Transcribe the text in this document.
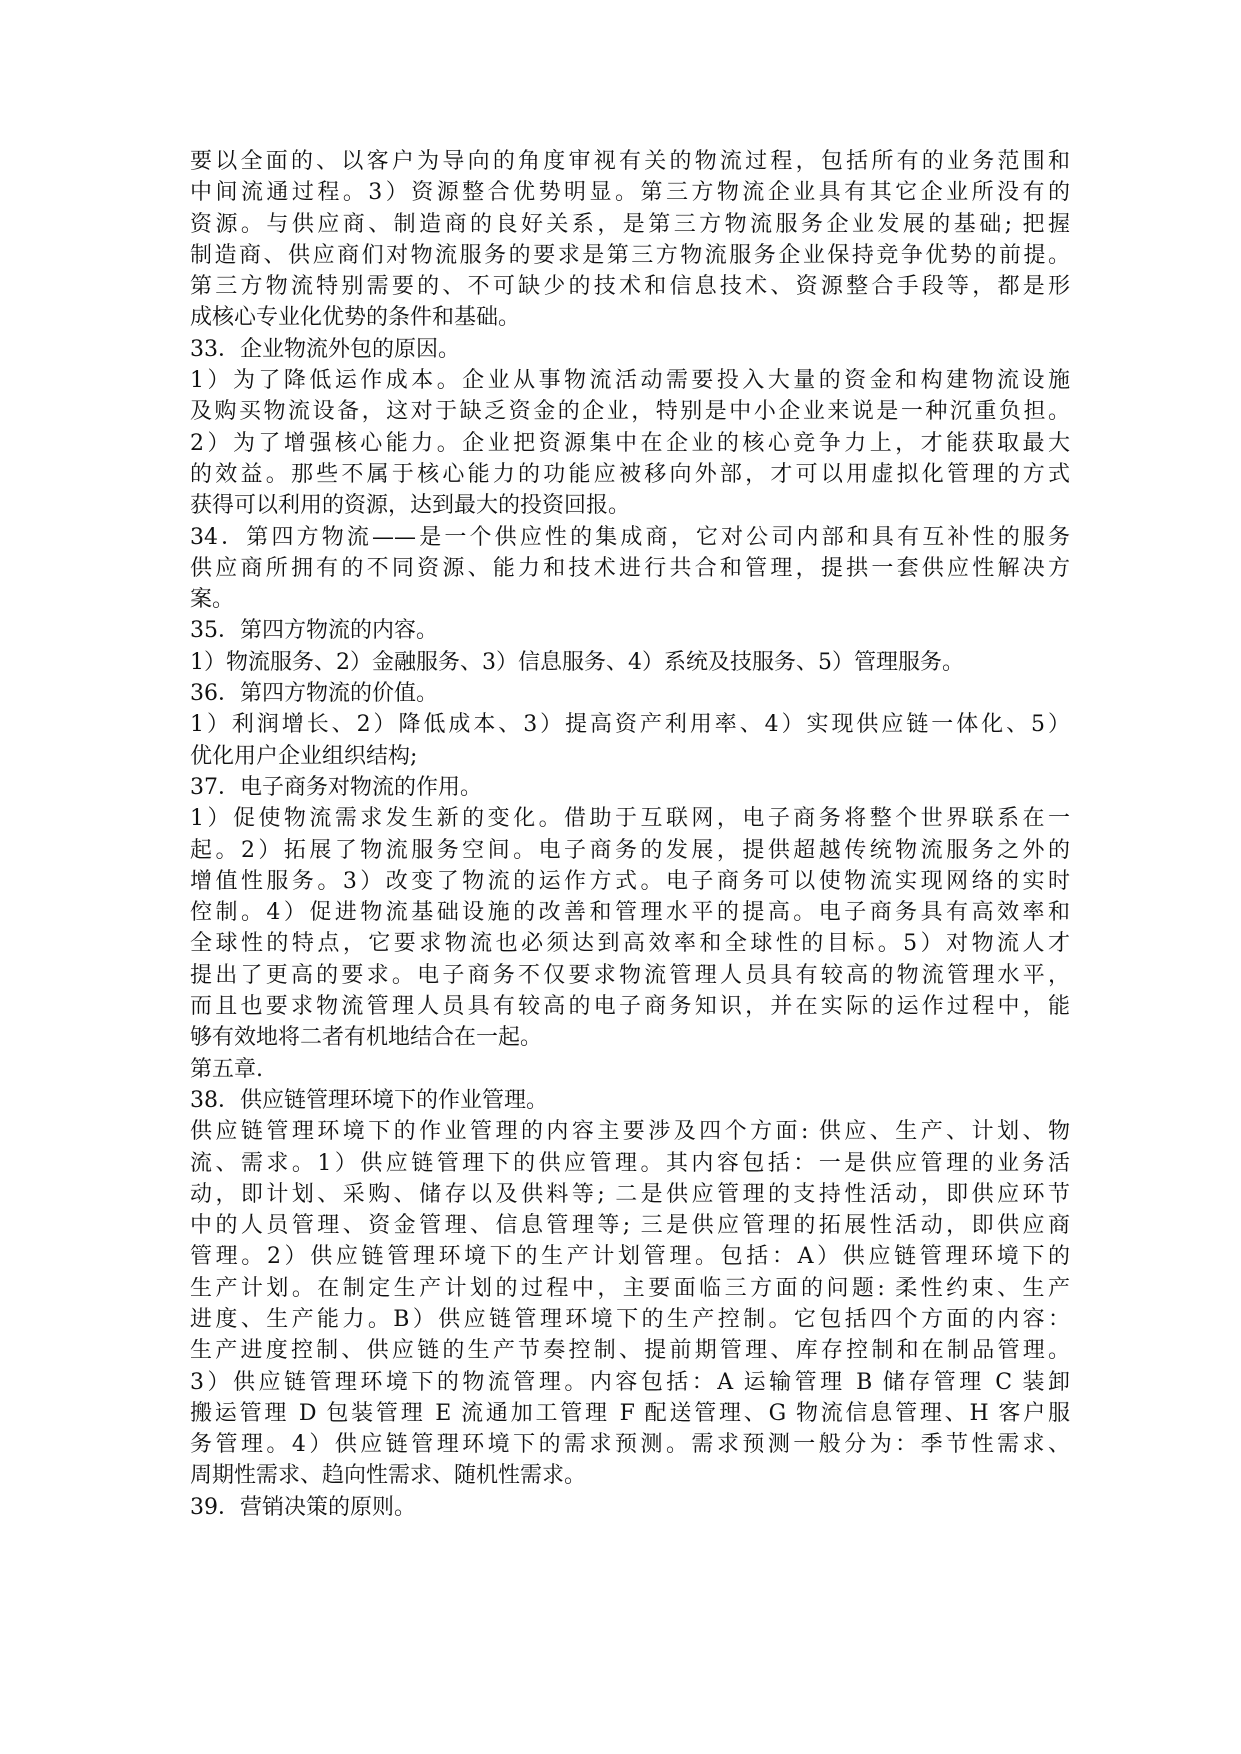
要以全面的、以客户为导向的角度审视有关的物流过程，包括所有的业务范围和
中间流通过程。3）资源整合优势明显。第三方物流企业具有其它企业所没有的
资源。与供应商、制造商的良好关系，是第三方物流服务企业发展的基础; 把握
制造商、供应商们对物流服务的要求是第三方物流服务企业保持竞争优势的前提。
第三方物流特别需要的、不可缺少的技术和信息技术、资源整合手段等，都是形
成核心专业化优势的条件和基础。
33．企业物流外包的原因。
1）为了降低运作成本。企业从事物流活动需要投入大量的资金和构建物流设施
及购买物流设备，这对于缺乏资金的企业，特别是中小企业来说是一种沉重负担。
2）为了增强核心能力。企业把资源集中在企业的核心竞争力上，才能获取最大
的效益。那些不属于核心能力的功能应被移向外部，才可以用虚拟化管理的方式
获得可以利用的资源，达到最大的投资回报。
34．第四方物流——是一个供应性的集成商，它对公司内部和具有互补性的服务
供应商所拥有的不同资源、能力和技术进行共合和管理，提拱一套供应性解决方
案。
35．第四方物流的内容。
1）物流服务、2）金融服务、3）信息服务、4）系统及技服务、5）管理服务。
36．第四方物流的价值。
1）利润增长、2）降低成本、3）提高资产利用率、4）实现供应链一体化、5）
优化用户企业组织结构;
37．电子商务对物流的作用。
1）促使物流需求发生新的变化。借助于互联网，电子商务将整个世界联系在一
起。2）拓展了物流服务空间。电子商务的发展，提供超越传统物流服务之外的
增值性服务。3）改变了物流的运作方式。电子商务可以使物流实现网络的实时
倥制。4）促进物流基础设施的改善和管理水平的提高。电子商务具有高效率和
全球性的特点，它要求物流也必须达到高效率和全球性的目标。5）对物流人才
提出了更高的要求。电子商务不仅要求物流管理人员具有较高的物流管理水平，
而且也要求物流管理人员具有较高的电子商务知识，并在实际的运作过程中，能
够有效地将二者有机地结合在一起。
第五章.
38．供应链管理环境下的作业管理。
供应链管理环境下的作业管理的内容主要涉及四个方面: 供应、生产、计划、物
流、需求。1）供应链管理下的供应管理。其内容包括：一是供应管理的业务活
动，即计划、采购、储存以及供料等; 二是供应管理的支持性活动，即供应环节
中的人员管理、资金管理、信息管理等; 三是供应管理的拓展性活动，即供应商
管理。2）供应链管理环境下的生产计划管理。包括：A）供应链管理环境下的
生产计划。在制定生产计划的过程中，主要面临三方面的问题: 柔性约束、生产
进度、生产能力。B）供应链管理环境下的生产控制。它包括四个方面的内容：
生产进度控制、供应链的生产节奏控制、提前期管理、库存控制和在制品管理。
3）供应链管理环境下的物流管理。内容包括：A 运输管理 B 储存管理 C 装卸
搬运管理 D 包装管理 E 流通加工管理 F 配送管理、G 物流信息管理、H 客户服
务管理。4）供应链管理环境下的需求预测。需求预测一般分为：季节性需求、
周期性需求、趋向性需求、随机性需求。
39．营销决策的原则。
